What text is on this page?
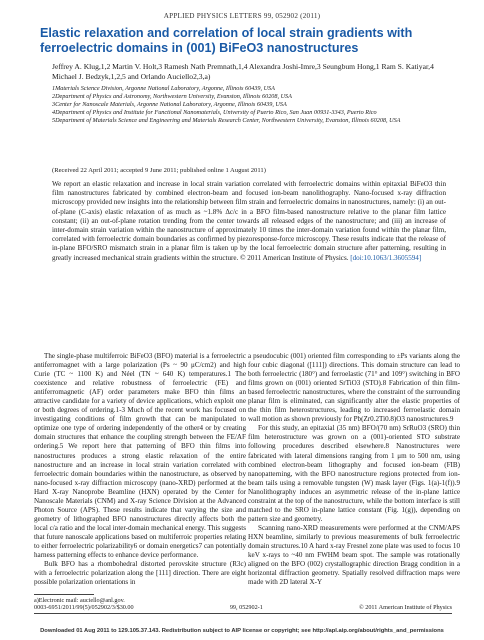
APPLIED PHYSICS LETTERS 99, 052902 (2011)
Elastic relaxation and correlation of local strain gradients with ferroelectric domains in (001) BiFeO3 nanostructures
Jeffrey A. Klug,1,2 Martin V. Holt,3 Ramesh Nath Premnath,1,4 Alexandra Joshi-Imre,3 Seungbum Hong,1 Ram S. Katiyar,4 Michael J. Bedzyk,1,2,5 and Orlando Auciello2,3,a)
1Materials Science Division, Argonne National Laboratory, Argonne, Illinois 60439, USA
2Department of Physics and Astronomy, Northwestern University, Evanston, Illinois 60208, USA
3Center for Nanoscale Materials, Argonne National Laboratory, Argonne, Illinois 60439, USA
4Department of Physics and Institute for Functional Nanomaterials, University of Puerto Rico, San Juan 00931-3343, Puerto Rico
5Department of Materials Science and Engineering and Materials Research Center, Northwestern University, Evanston, Illinois 60208, USA
(Received 22 April 2011; accepted 9 June 2011; published online 1 August 2011)
We report an elastic relaxation and increase in local strain variation correlated with ferroelectric domains within epitaxial BiFeO3 thin film nanostructures fabricated by combined electron-beam and focused ion-beam nanolithography. Nano-focused x-ray diffraction microscopy provided new insights into the relationship between film strain and ferroelectric domains in nanostructures, namely: (i) an out-of-plane (C-axis) elastic relaxation of as much as ~1.8% Δc/c in a BFO film-based nanostructure relative to the planar film lattice constant; (ii) an out-of-plane rotation trending from the center towards all released edges of the nanostructure; and (iii) an increase of inter-domain strain variation within the nanostructure of approximately 10 times the inter-domain variation found within the planar film, correlated with ferroelectric domain boundaries as confirmed by piezoresponse-force microscopy. These results indicate that the release of in-plane BFO/SRO mismatch strain in a planar film is taken up by the local ferroelectric domain structure after patterning, resulting in greatly increased mechanical strain gradients within the structure. © 2011 American Institute of Physics. [doi:10.1063/1.3605594]

The single-phase multiferroic BiFeO3 (BFO) material is a ferroelectric antiferromagnet with a large polarization (Ps ~ 90 μC/cm2) and high Curie (TC ~ 1100 K) and Néel (TN ~ 640 K) temperatures.1 The coexistence and relative robustness of ferroelectric (FE) and antiferromagnetic (AF) order parameters make BFO thin films an attractive candidate for a variety of device applications, which exploit one or both degrees of ordering.1-3 Much of the recent work has focused on investigating conditions of film growth that can be manipulated to optimize one type of ordering independently of the other4 or by creating domain structures that enhance the coupling strength between the FE/AF ordering.5 We report here that patterning of BFO thin films into nanostructures produces a strong elastic relaxation of the entire nanostructure and an increase in local strain variation correlated with ferroelectric domain boundaries within the nanostructure, as observed by nano-focused x-ray diffraction microscopy (nano-XRD) performed at the Hard X-ray Nanoprobe Beamline (HXN) operated by the Center for Nanoscale Materials (CNM) and X-ray Science Division at the Advanced Photon Source (APS). These results indicate that varying the size and geometry of lithographed BFO nanostructures directly affects both the local c/a ratio and the local inter-domain mechanical energy. This suggests that future nanoscale applications based on multiferroic properties relating to either ferroelectric polarizability6 or domain energetics7 can potentially harness patterning effects to enhance device performance.

Bulk BFO has a rhombohedral distorted perovskite structure (R3c) with a ferroelectric polarization along the [111] direction. There are eight possible polarization orientations in

a pseudocubic (001) oriented film corresponding to ±Ps variants along the four cubic diagonal ([111]) directions. This domain structure can lead to both ferroelectric (180°) and ferroelastic (71° and 109°) switching in BFO films grown on (001) oriented SrTiO3 (STO).8 Fabrication of thin film-based ferroelectric nanostructures, where the constraint of the surrounding planar film is eliminated, can significantly alter the elastic properties of the thin film heterostructures, leading to increased ferroelastic domain wall motion as shown previously for Pb(Zr0.2Ti0.8)O3 nanostructures.9

For this study, an epitaxial (35 nm) BFO/(70 nm) SrRuO3 (SRO) thin film heterostructure was grown on a (001)-oriented STO substrate following procedures described elsewhere.8 Nanostructures were fabricated with lateral dimensions ranging from 1 μm to 500 nm, using combined electron-beam lithography and focused ion-beam (FIB) nanopatterning, with the BFO nanostructure regions protected from ion-beam tails using a removable tungsten (W) mask layer (Figs. 1(a)-1(f)).9 Nanolithography induces an asymmetric release of the in-plane lattice constraint at the top of the nanostructure, while the bottom interface is still matched to the SRO in-plane lattice constant (Fig. 1(g)), depending on pattern size and geometry.

Scanning nano-XRD measurements were performed at the CNM/APS HXN beamline, similarly to previous measurements of bulk ferroelectric domain structures.10 A hard x-ray Fresnel zone plate was used to focus 10 keV x-rays to ~40 nm FWHM beam spot. The sample was rotationally aligned on the BFO (002) crystallographic direction Bragg condition in a horizontal diffraction geometry. Spatially resolved diffraction maps were made with 2D lateral X-Y

a)Electronic mail: auciello@anl.gov.
0003-6951/2011/99(5)/052902/3/$30.00	99, 052902-1	© 2011 American Institute of Physics
Downloaded 01 Aug 2011 to 129.105.37.143. Redistribution subject to AIP license or copyright; see http://apl.aip.org/about/rights_and_permissions
